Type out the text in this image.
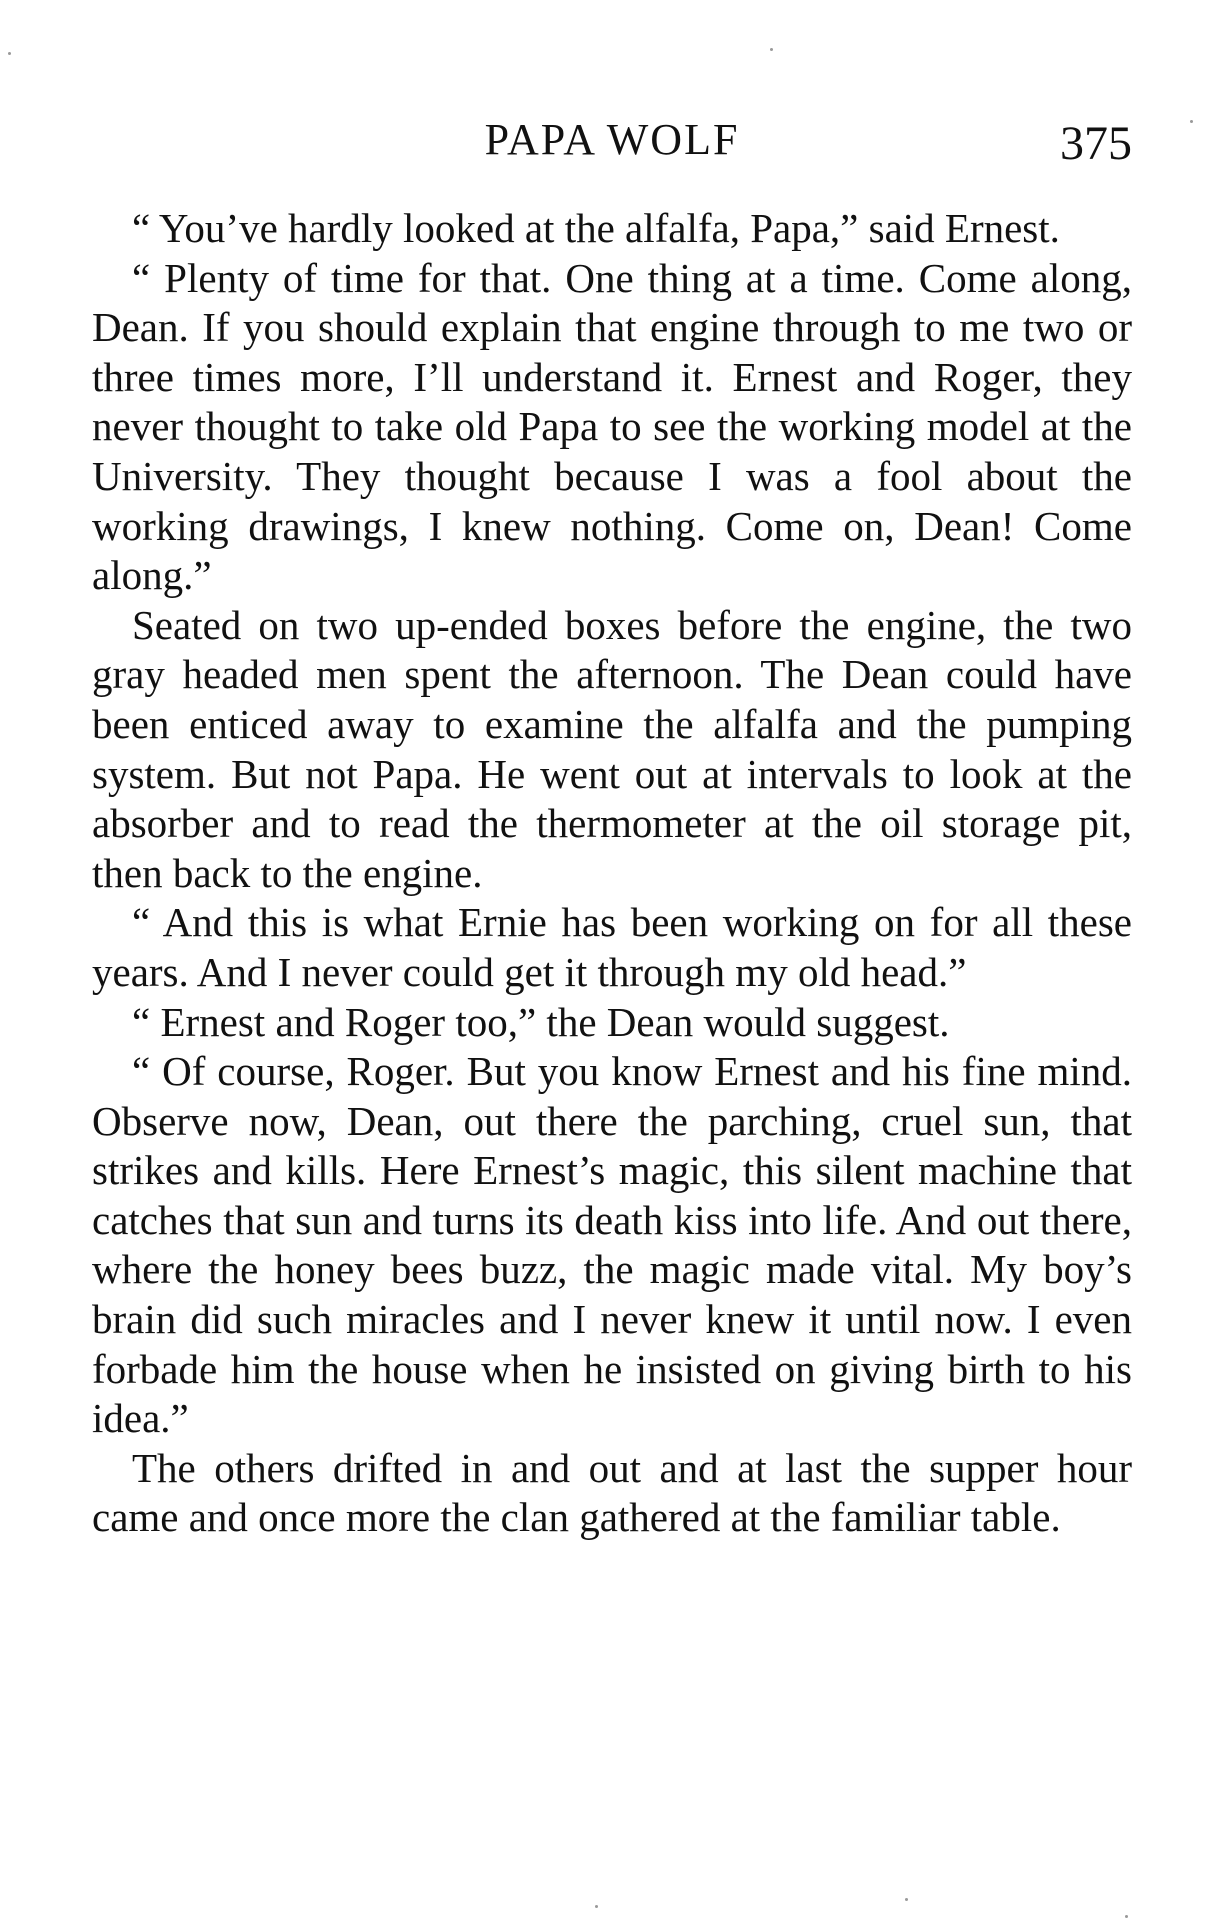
PAPA WOLF	375

“ You’ve hardly looked at the alfalfa, Papa,” said Ernest.

“ Plenty of time for that. One thing at a time. Come along, Dean. If you should explain that engine through to me two or three times more, I’ll understand it. Ernest and Roger, they never thought to take old Papa to see the working model at the University. They thought because I was a fool about the working drawings, I knew nothing. Come on, Dean! Come along.”

Seated on two up-ended boxes before the engine, the two gray headed men spent the afternoon. The Dean could have been enticed away to examine the alfalfa and the pumping system. But not Papa. He went out at intervals to look at the absorber and to read the thermometer at the oil storage pit, then back to the engine.

“ And this is what Ernie has been working on for all these years. And I never could get it through my old head.”

“ Ernest and Roger too,” the Dean would suggest.

“ Of course, Roger. But you know Ernest and his fine mind. Observe now, Dean, out there the parching, cruel sun, that strikes and kills. Here Ernest’s magic, this silent machine that catches that sun and turns its death kiss into life. And out there, where the honey bees buzz, the magic made vital. My boy’s brain did such miracles and I never knew it until now. I even forbade him the house when he insisted on giving birth to his idea.”

The others drifted in and out and at last the supper hour came and once more the clan gathered at the familiar table.
